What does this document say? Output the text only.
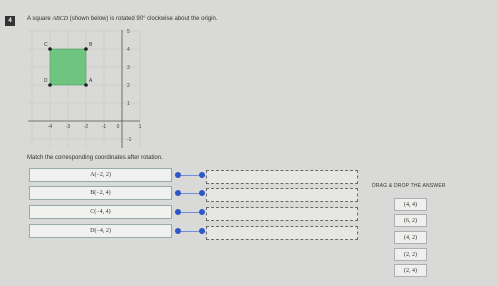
4	A square ABCD (shown below) is rotated 90° clockwise about the origin.
-4	-3	-2	-1 0	1
5
4
3
2
1
-1
A
B
C
D
Match the corresponding coordinates after rotation.
A(−2, 2)
B(−2, 4)
C(−4, 4)
D(−4, 2)
DRAG & DROP THE ANSWER
(4, 4)
(6, 2)
(4, 2)
(2, 2)
(2, 4)
